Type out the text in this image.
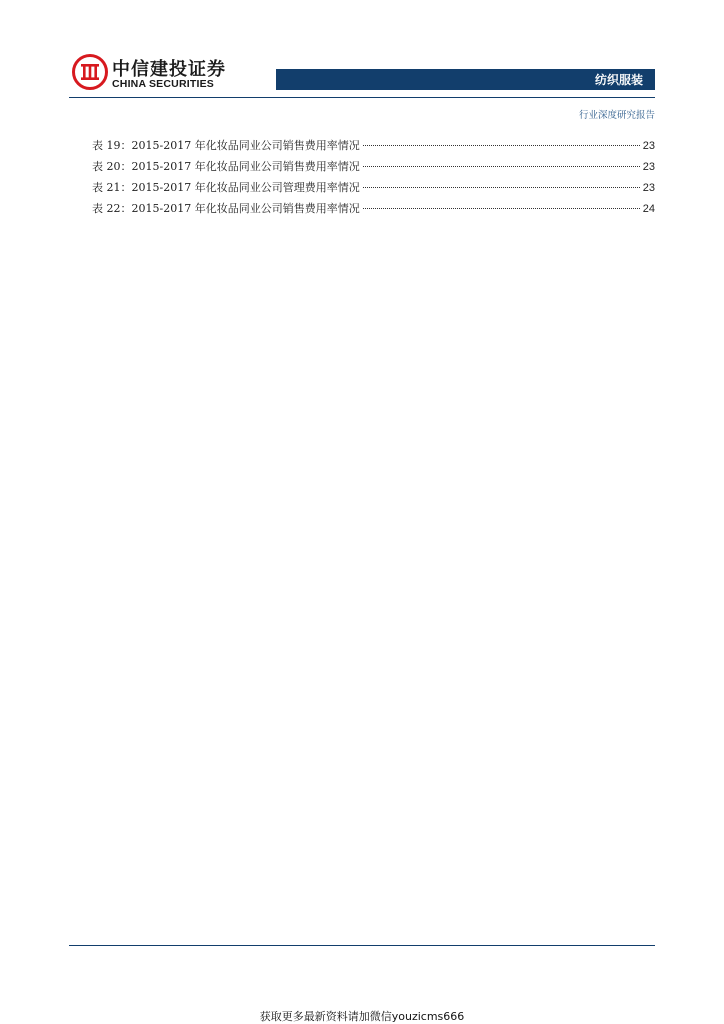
中信建投证券
CHINA SECURITIES	纺织服装
行业深度研究报告
表 19：2015-2017 年化妆品同业公司销售费用率情况	23
表 20：2015-2017 年化妆品同业公司销售费用率情况	23
表 21：2015-2017 年化妆品同业公司管理费用率情况	23
表 22：2015-2017 年化妆品同业公司销售费用率情况	24
获取更多最新资料请加微信youzicms666
